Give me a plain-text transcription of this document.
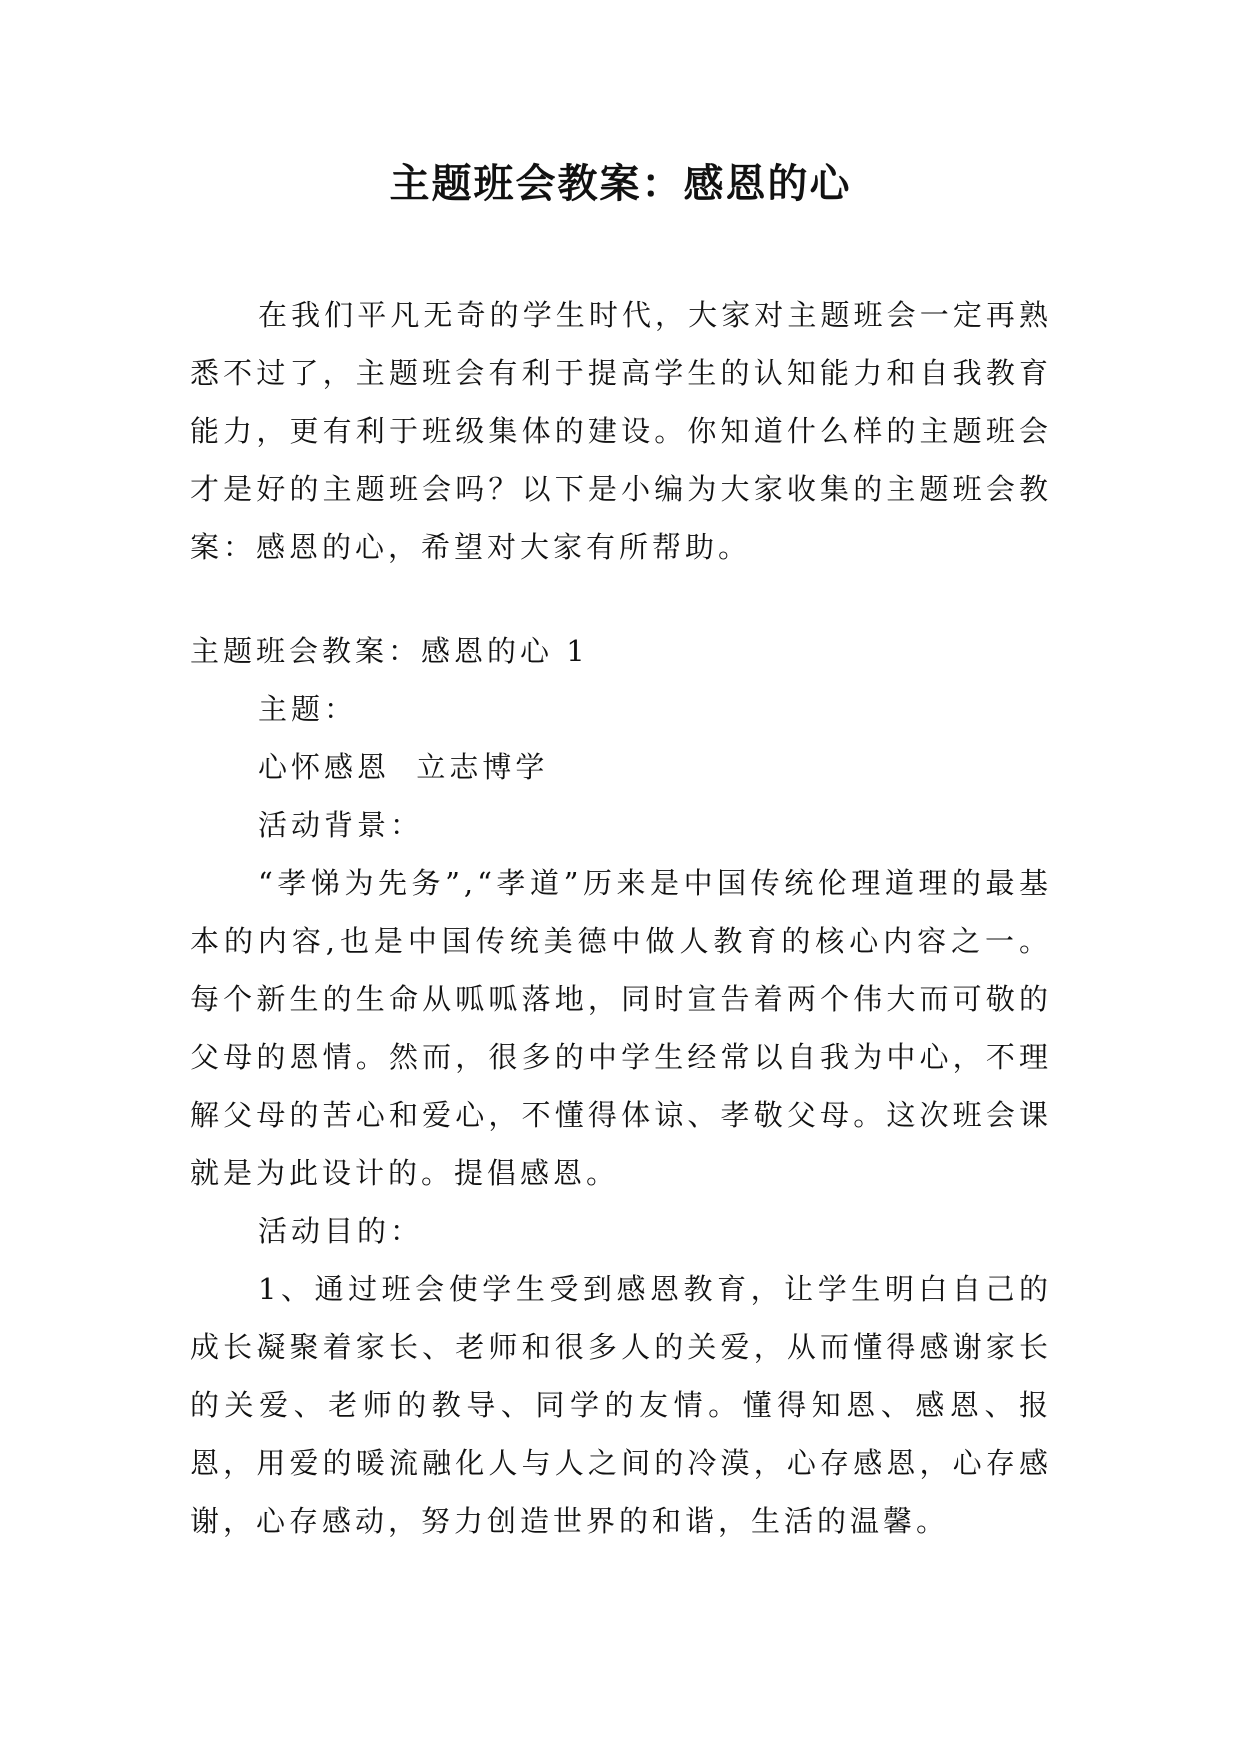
主题班会教案：感恩的心

在我们平凡无奇的学生时代，大家对主题班会一定再熟悉不过了，主题班会有利于提高学生的认知能力和自我教育能力，更有利于班级集体的建设。你知道什么样的主题班会才是好的主题班会吗？以下是小编为大家收集的主题班会教案：感恩的心，希望对大家有所帮助。

主题班会教案：感恩的心 1

主题：

心怀感恩  立志博学

活动背景：

“孝悌为先务”,“孝道”历来是中国传统伦理道理的最基本的内容,也是中国传统美德中做人教育的核心内容之一。每个新生的生命从呱呱落地，同时宣告着两个伟大而可敬的父母的恩情。然而，很多的中学生经常以自我为中心，不理解父母的苦心和爱心，不懂得体谅、孝敬父母。这次班会课就是为此设计的。提倡感恩。

活动目的：

1、通过班会使学生受到感恩教育，让学生明白自己的成长凝聚着家长、老师和很多人的关爱，从而懂得感谢家长的关爱、老师的教导、同学的友情。懂得知恩、感恩、报恩，用爱的暖流融化人与人之间的冷漠，心存感恩，心存感谢，心存感动，努力创造世界的和谐，生活的温馨。
